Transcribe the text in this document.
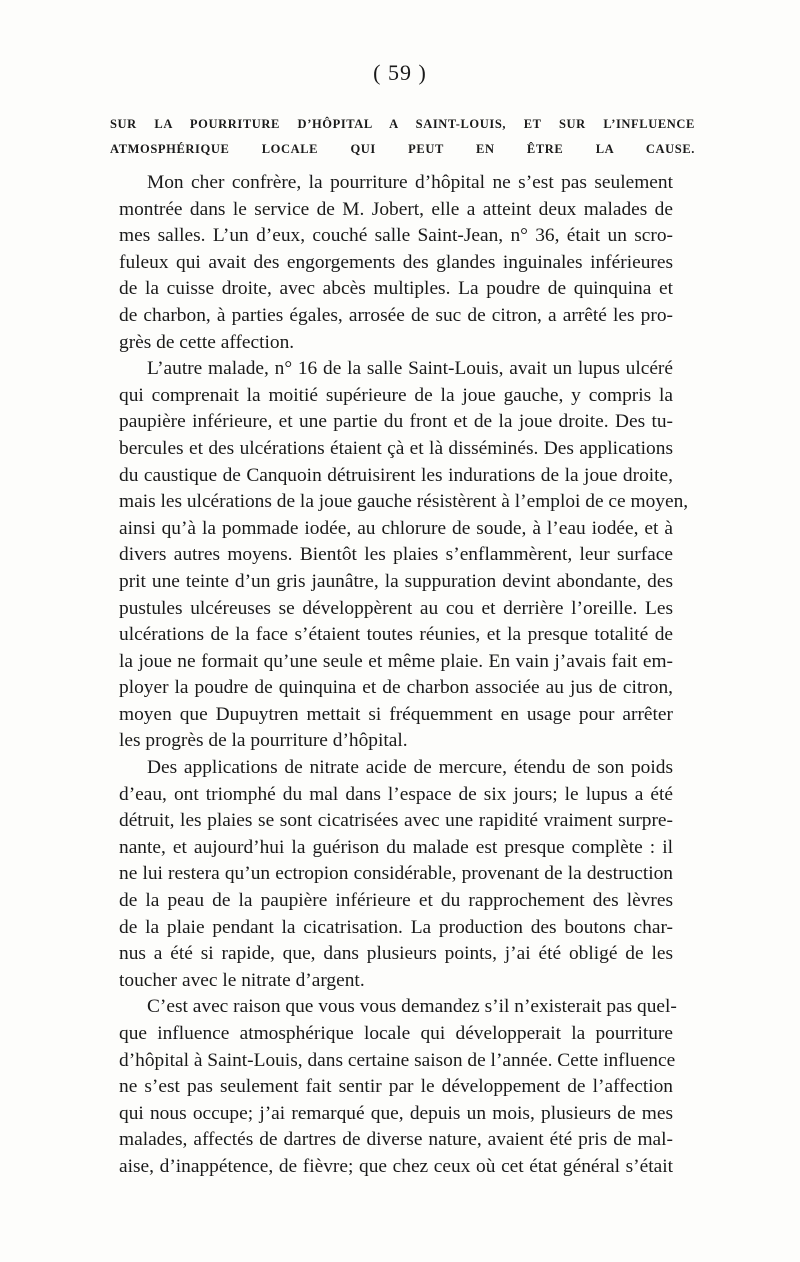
( 59 )
SUR LA POURRITURE D’HÔPITAL A SAINT-LOUIS, ET SUR L’INFLUENCE
ATMOSPHÉRIQUE LOCALE QUI PEUT EN ÊTRE LA CAUSE.
Mon cher confrère, la pourriture d’hôpital ne s’est pas seulement
montrée dans le service de M. Jobert, elle a atteint deux malades de
mes salles. L’un d’eux, couché salle Saint-Jean, n° 36, était un scro-
fuleux qui avait des engorgements des glandes inguinales inférieures
de la cuisse droite, avec abcès multiples. La poudre de quinquina et
de charbon, à parties égales, arrosée de suc de citron, a arrêté les pro-
grès de cette affection.
L’autre malade, n° 16 de la salle Saint-Louis, avait un lupus ulcéré
qui comprenait la moitié supérieure de la joue gauche, y compris la
paupière inférieure, et une partie du front et de la joue droite. Des tu-
bercules et des ulcérations étaient çà et là disséminés. Des applications
du caustique de Canquoin détruisirent les indurations de la joue droite,
mais les ulcérations de la joue gauche résistèrent à l’emploi de ce moyen,
ainsi qu’à la pommade iodée, au chlorure de soude, à l’eau iodée, et à
divers autres moyens. Bientôt les plaies s’enflammèrent, leur surface
prit une teinte d’un gris jaunâtre, la suppuration devint abondante, des
pustules ulcéreuses se développèrent au cou et derrière l’oreille. Les
ulcérations de la face s’étaient toutes réunies, et la presque totalité de
la joue ne formait qu’une seule et même plaie. En vain j’avais fait em-
ployer la poudre de quinquina et de charbon associée au jus de citron,
moyen que Dupuytren mettait si fréquemment en usage pour arrêter
les progrès de la pourriture d’hôpital.
Des applications de nitrate acide de mercure, étendu de son poids
d’eau, ont triomphé du mal dans l’espace de six jours; le lupus a été
détruit, les plaies se sont cicatrisées avec une rapidité vraiment surpre-
nante, et aujourd’hui la guérison du malade est presque complète : il
ne lui restera qu’un ectropion considérable, provenant de la destruction
de la peau de la paupière inférieure et du rapprochement des lèvres
de la plaie pendant la cicatrisation. La production des boutons char-
nus a été si rapide, que, dans plusieurs points, j’ai été obligé de les
toucher avec le nitrate d’argent.
C’est avec raison que vous vous demandez s’il n’existerait pas quel-
que influence atmosphérique locale qui développerait la pourriture
d’hôpital à Saint-Louis, dans certaine saison de l’année. Cette influence
ne s’est pas seulement fait sentir par le développement de l’affection
qui nous occupe; j’ai remarqué que, depuis un mois, plusieurs de mes
malades, affectés de dartres de diverse nature, avaient été pris de mal-
aise, d’inappétence, de fièvre; que chez ceux où cet état général s’était
